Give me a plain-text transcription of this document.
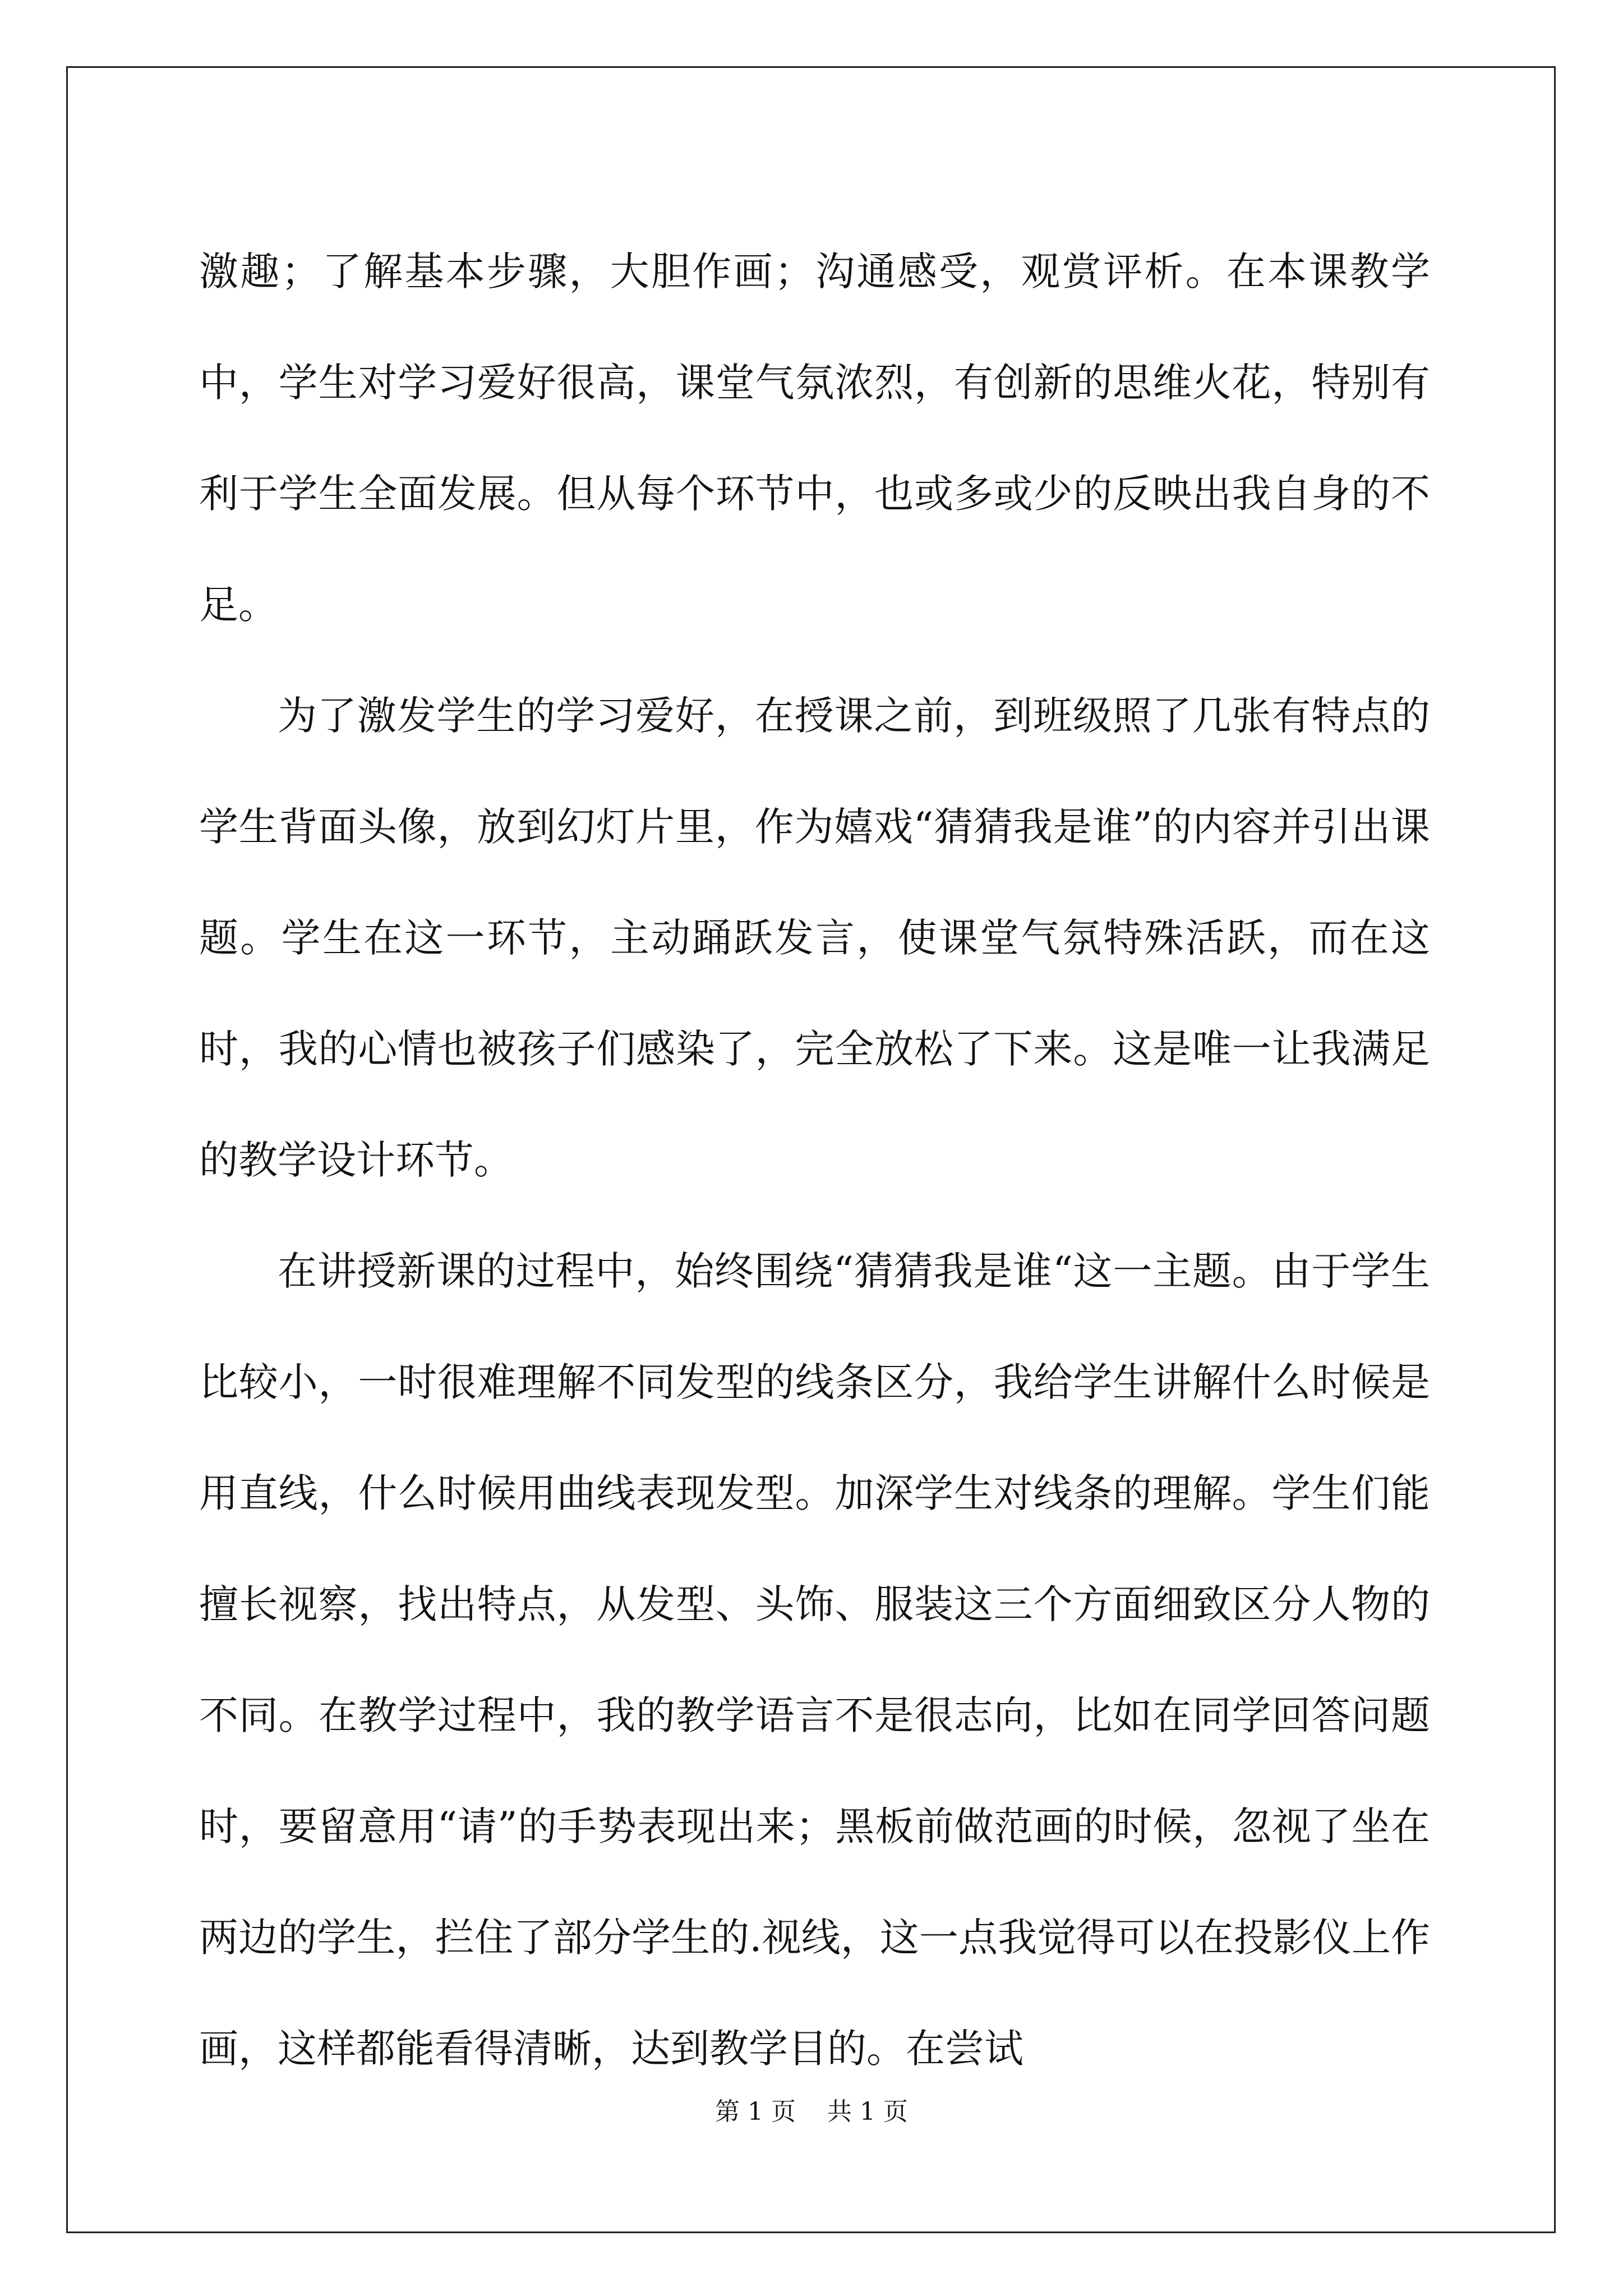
激趣；了解基本步骤，大胆作画；沟通感受，观赏评析。在本课教学中，学生对学习爱好很高，课堂气氛浓烈，有创新的思维火花，特别有利于学生全面发展。但从每个环节中，也或多或少的反映出我自身的不足。

为了激发学生的学习爱好，在授课之前，到班级照了几张有特点的学生背面头像，放到幻灯片里，作为嬉戏“猜猜我是谁”的内容并引出课题。学生在这一环节，主动踊跃发言，使课堂气氛特殊活跃，而在这时，我的心情也被孩子们感染了，完全放松了下来。这是唯一让我满足的教学设计环节。

在讲授新课的过程中，始终围绕“猜猜我是谁“这一主题。由于学生比较小，一时很难理解不同发型的线条区分，我给学生讲解什么时候是用直线，什么时候用曲线表现发型。加深学生对线条的理解。学生们能擅长视察，找出特点，从发型、头饰、服装这三个方面细致区分人物的不同。在教学过程中，我的教学语言不是很志向，比如在同学回答问题时，要留意用“请”的手势表现出来；黑板前做范画的时候，忽视了坐在两边的学生，拦住了部分学生的.视线，这一点我觉得可以在投影仪上作画，这样都能看得清晰，达到教学目的。在尝试

第 1 页    共 1 页
